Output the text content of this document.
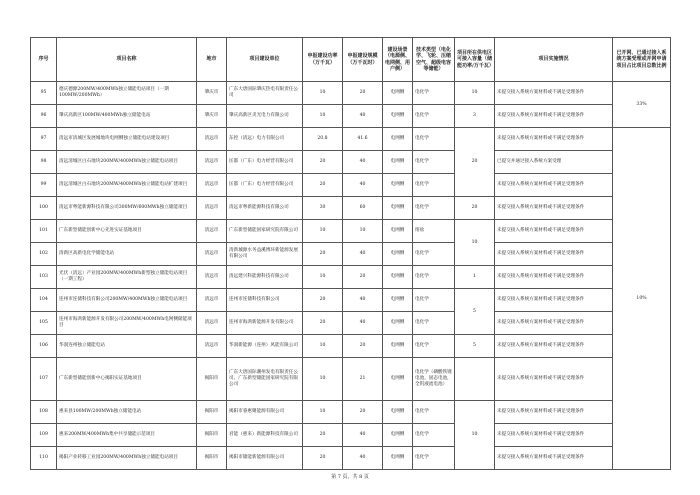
序号	项目名称	地市	项目建设单位	申报建设功率（万千瓦）	申报建设规模（万千瓦时）	建设场景（电源侧、电网侧、用户侧）	技术类型（电化学、飞轮、压缩空气、超级电容等储能）	项目所在供电区可接入容量（储能功率/万千瓦）	项目实施情况	已开网、已通过接入系统方案受理或并网申请项目占比项目总数比例	
95	德庆德源200MW/400MWh独立储能电站项目（一期100MW/200MWh）	肇庆市	广东大唐国际肇庆热电有限责任公司	10	20	电网侧	电化学	10	未提交接入系统方案材料或不满足受理条件	33%	
96	肇庆高新区100MW/400MWh独立储能电站	肇庆市	肇庆高新区炎光电力有限公司	10	40	电网侧	电化学	3	未提交接入系统方案材料或不满足受理条件		
97	清远市清城区发展城地块电网侧独立储能电站建设项目	清远市	东控（清远）电力有限公司	20.8	41.6	电网侧	电化学	20	未提交接入系统方案材料或不满足受理条件	10%	
98	清远清城区白石地块200MW/400MWh独立储能电站项目	清远市	匡都（广东）电力经营有限公司	20	40	电网侧	电化学		已提交并通过接入系统方案受理		
99	清远清城区白石地块200MW/400MWh独立储能电站扩建项目	清远市	匡都（广东）电力经营有限公司	20	40	电网侧	电化学		未提交接入系统方案材料或不满足受理条件		
100	清远市粤能新源科技有限公司300MW/600MWh独立储能项目	清远市	清远市粤新能源科技有限公司	30	60	电网侧	电化学	20	未提交接入系统方案材料或不满足受理条件		
101	广东新型储能创新中心先进实证基地项目	清远市	广东新型储能国家研究院有限公司	10	10	电网侧	熔盐	10	未提交接入系统方案材料或不满足受理条件		
102	清新区高新电化学储能电站	清远市	清新城源水务益溪博环新能源发展有限公司	20	40	电网侧	电化学		未提交接入系统方案材料或不满足受理条件		
103	光伏（清远）产业园200MW/400MWh新型独立储能电站项目（一期工程）	清远市	清远建兴科能源科技有限公司	10	20	电网侧	电化学	1	未提交接入系统方案材料或不满足受理条件		
104	连州市连储科技有限公司200MW/400MWh独立储能电站项目	清远市	连州市连储科技有限公司	20	40	电网侧	电化学	5	未提交接入系统方案材料或不满足受理条件		
105	连州市海鸿新能源开发有限公司200MW/400MWh电网侧储能项目	清远市	连州市海鸿新能源开发有限公司	20	40	电网侧	电化学		未提交接入系统方案材料或不满足受理条件		
106	华润连州独立储能电站	清远市	华润新能源（连州）风能有限公司	10	20	电网侧	电化学	5	未提交接入系统方案材料或不满足受理条件		
107	广东新型储能创新中心揭阳实证基地项目	揭阳市	广东大唐国际潮州发电有限责任公司、广东新型储能国家研究院有限公司	10	21	电网侧	电化学（磷酸铁锂电池，固态电池，全钒液流电池）		未提交接入系统方案材料或不满足受理条件		
108	惠来县100MW/200MWh独立储能电站	揭阳市	揭阳市睿惠聚能源有限公司	10	20	电网侧	电化学	10	未提交接入系统方案材料或不满足受理条件		
109	惠来200MW/400MWh集中共享储能示范项目	揭阳市	君能（惠来）新能源科技有限公司	20	40	电网侧	电化学		未提交接入系统方案材料或不满足受理条件	
110	揭阳产业转移工业园200MW/400MWh独立储能电站项目	揭阳市	揭阳市储能新能源有限公司	20	40	电网侧	电化学		未提交接入系统方案材料或不满足受理条件		
第 7 页，共 8 页
